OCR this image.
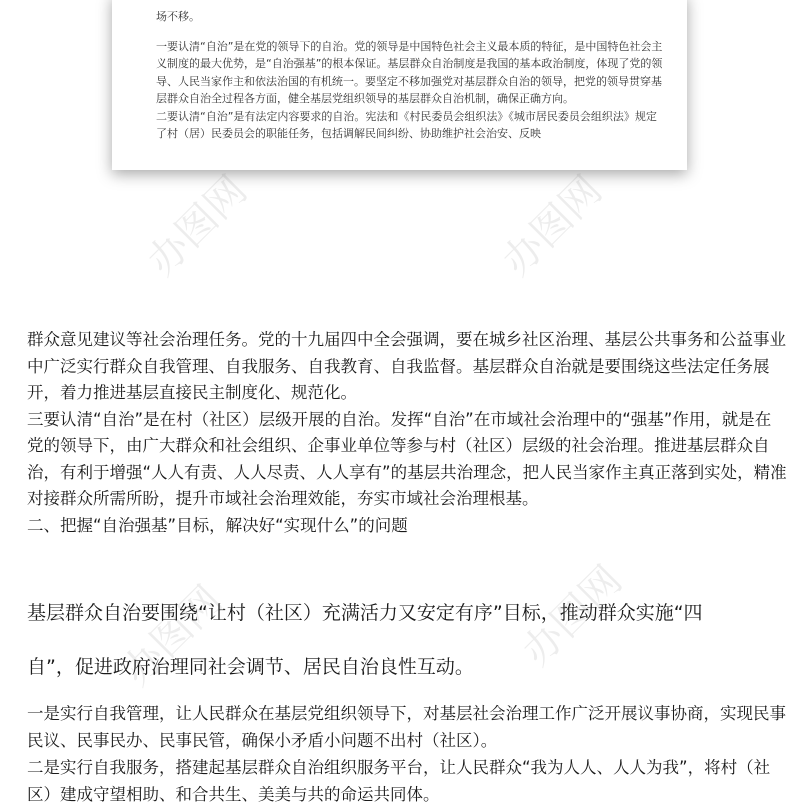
办图网	办图网
办图网	办图网

场不移。

一要认清“自治”是在党的领导下的自治。党的领导是中国特色社会主义最本质的特征，是中国特色社会主义制度的最大优势，是“自治强基”的根本保证。基层群众自治制度是我国的基本政治制度，体现了党的领导、人民当家作主和依法治国的有机统一。要坚定不移加强党对基层群众自治的领导，把党的领导贯穿基层群众自治全过程各方面，健全基层党组织领导的基层群众自治机制，确保正确方向。

二要认清“自治”是有法定内容要求的自治。宪法和《村民委员会组织法》《城市居民委员会组织法》规定了村（居）民委员会的职能任务，包括调解民间纠纷、协助维护社会治安、反映

群众意见建议等社会治理任务。党的十九届四中全会强调，要在城乡社区治理、基层公共事务和公益事业中广泛实行群众自我管理、自我服务、自我教育、自我监督。基层群众自治就是要围绕这些法定任务展开，着力推进基层直接民主制度化、规范化。

三要认清“自治”是在村（社区）层级开展的自治。发挥“自治”在市域社会治理中的“强基”作用，就是在党的领导下，由广大群众和社会组织、企事业单位等参与村（社区）层级的社会治理。推进基层群众自治，有利于增强“人人有责、人人尽责、人人享有”的基层共治理念，把人民当家作主真正落到实处，精准对接群众所需所盼，提升市域社会治理效能，夯实市域社会治理根基。

二、把握“自治强基”目标，解决好“实现什么”的问题

基层群众自治要围绕“让村（社区）充满活力又安定有序”目标，推动群众实施“四
自”，促进政府治理同社会调节、居民自治良性互动。

一是实行自我管理，让人民群众在基层党组织领导下，对基层社会治理工作广泛开展议事协商，实现民事民议、民事民办、民事民管，确保小矛盾小问题不出村（社区）。

二是实行自我服务，搭建起基层群众自治组织服务平台，让人民群众“我为人人、人人为我”，将村（社区）建成守望相助、和合共生、美美与共的命运共同体。
